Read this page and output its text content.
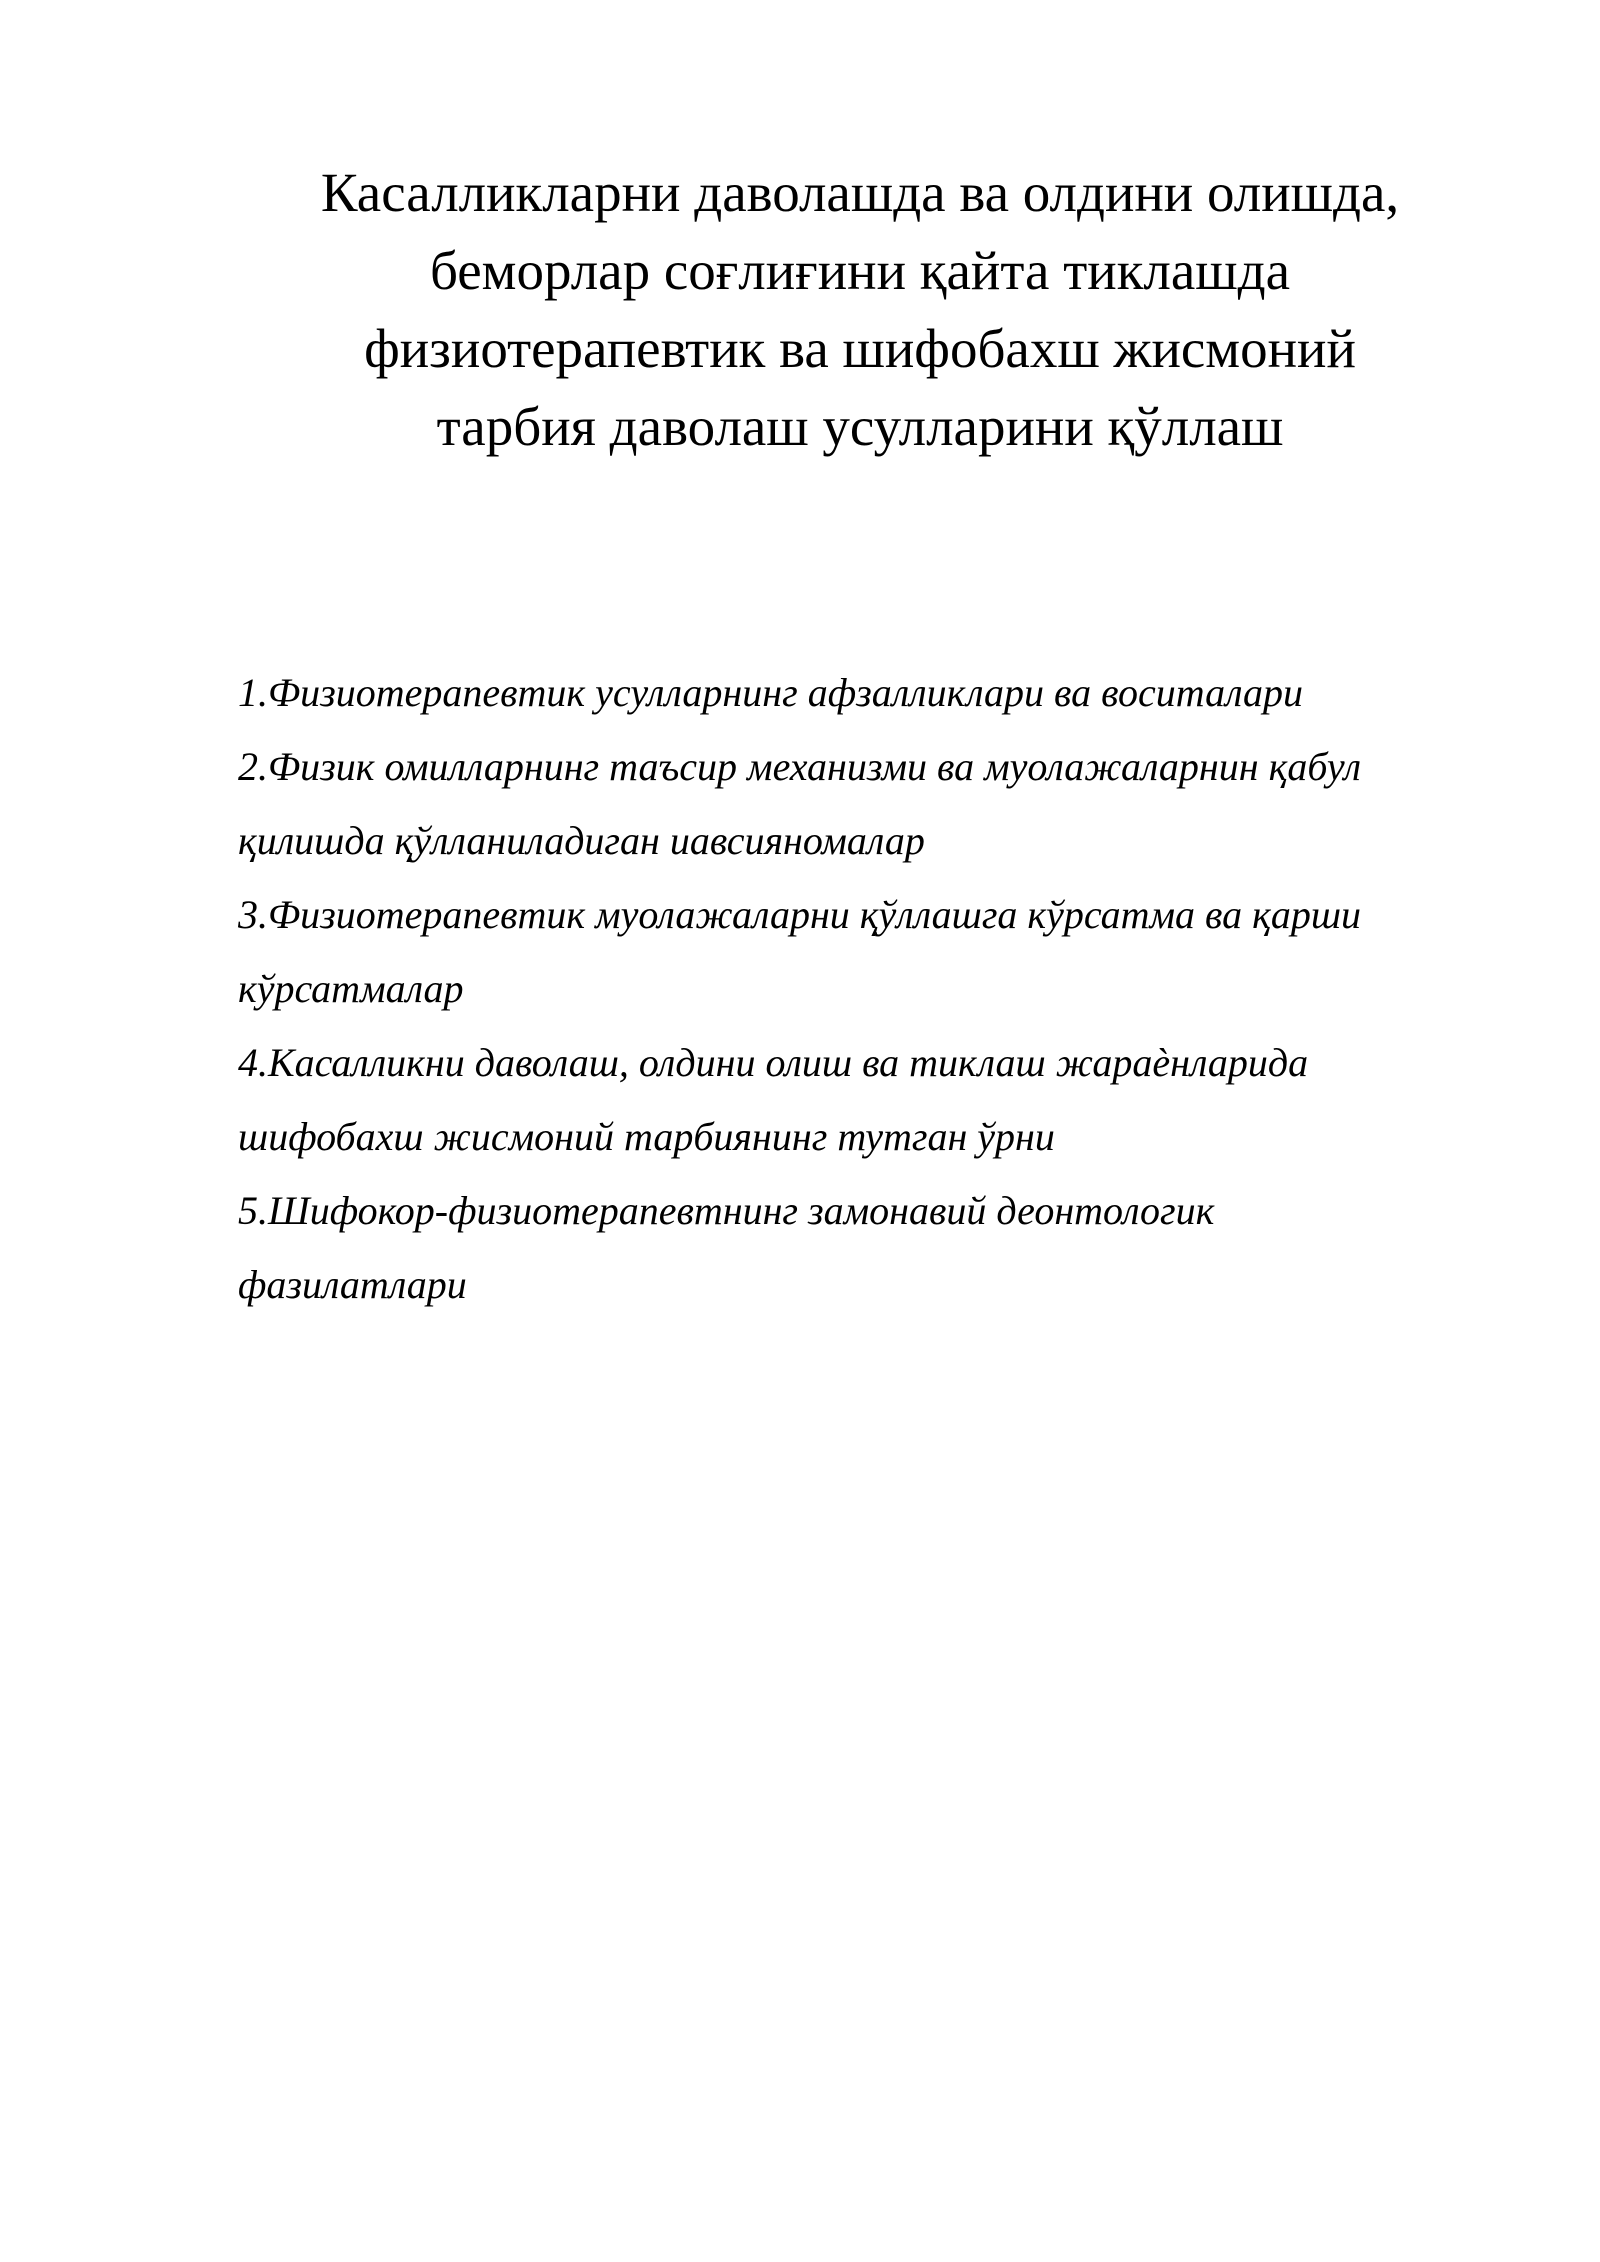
Касалликларни даволашда ва олдини олишда,
беморлар соғлиғини қайта тиклашда
физиотерапевтик ва шифобахш жисмоний
тарбия даволаш усулларини қўллаш
1.Физиотерапевтик усулларнинг афзалликлари ва воситалари
2.Физик омилларнинг таъсир механизми ва муолажаларнин қабул
қилишда қўлланиладиган иавсияномалар
3.Физиотерапевтик муолажаларни қўллашга кўрсатма ва қарши
кўрсатмалар
4.Касалликни даволаш, олдини олиш ва тиклаш жараѐнларида
шифобахш жисмоний тарбиянинг тутган ўрни
5.Шифокор-физиотерапевтнинг замонавий деонтологик
фазилатлари
